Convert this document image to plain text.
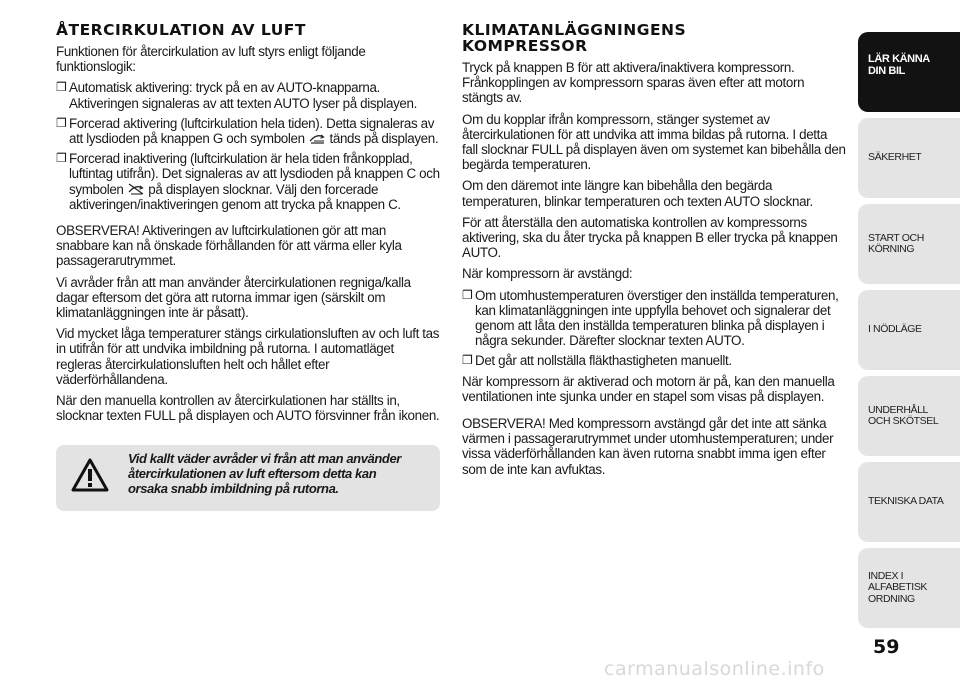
ÅTERCIRKULATION AV LUFT

Funktionen för återcirkulation av luft styrs enligt följande funktionslogik:

❒ Automatisk aktivering: tryck på en av AUTO-knapparna. Aktiveringen signaleras av att texten AUTO lyser på displayen.
❒ Forcerad aktivering (luftcirkulation hela tiden). Detta signaleras av att lysdioden på knappen G och symbolen tänds på displayen.
❒ Forcerad inaktivering (luftcirkulation är hela tiden frånkopplad, luftintag utifrån). Det signaleras av att lysdioden på knappen C och symbolen på displayen slocknar. Välj den forcerade aktiveringen/inaktiveringen genom att trycka på knappen C.

OBSERVERA! Aktiveringen av luftcirkulationen gör att man snabbare kan nå önskade förhållanden för att värma eller kyla passagerarutrymmet.

Vi avråder från att man använder återcirkulationen regniga/kalla dagar eftersom det göra att rutorna immar igen (särskilt om klimatanläggningen inte är påsatt).

Vid mycket låga temperaturer stängs cirkulationsluften av och luft tas in utifrån för att undvika imbildning på rutorna. I automatläget regleras återcirkulationsluften helt och hållet efter väderförhållandena.

När den manuella kontrollen av återcirkulationen har ställts in, slocknar texten FULL på displayen och AUTO försvinner från ikonen.

Vid kallt väder avråder vi från att man använder återcirkulationen av luft eftersom detta kan orsaka snabb imbildning på rutorna.
KLIMATANLÄGGNINGENS
KOMPRESSOR

Tryck på knappen B för att aktivera/inaktivera kompressorn. Frånkopplingen av kompressorn sparas även efter att motorn stängts av.

Om du kopplar ifrån kompressorn, stänger systemet av återcirkulationen för att undvika att imma bildas på rutorna. I detta fall slocknar FULL på displayen även om systemet kan bibehålla den begärda temperaturen.

Om den däremot inte längre kan bibehålla den begärda temperaturen, blinkar temperaturen och texten AUTO slocknar.

För att återställa den automatiska kontrollen av kompressorns aktivering, ska du åter trycka på knappen B eller trycka på knappen AUTO.

När kompressorn är avstängd:

❒ Om utomhustemperaturen överstiger den inställda temperaturen, kan klimatanläggningen inte uppfylla behovet och signalerar det genom att låta den inställda temperaturen blinka på displayen i några sekunder. Därefter slocknar texten AUTO.
❒ Det går att nollställa fläkthastigheten manuellt.

När kompressorn är aktiverad och motorn är på, kan den manuella ventilationen inte sjunka under en stapel som visas på displayen.

OBSERVERA! Med kompressorn avstängd går det inte att sänka värmen i passagerarutrymmet under utomhustemperaturen; under vissa väderförhållanden kan även rutorna snabbt imma igen efter som de inte kan avfuktas.

LÄR KÄNNA DIN BIL
SÄKERHET
START OCH KÖRNING
I NÖDLÄGE
UNDERHÅLL OCH SKÖTSEL
TEKNISKA DATA
INDEX I ALFABETISK ORDNING
59
carmanualsonline.info
